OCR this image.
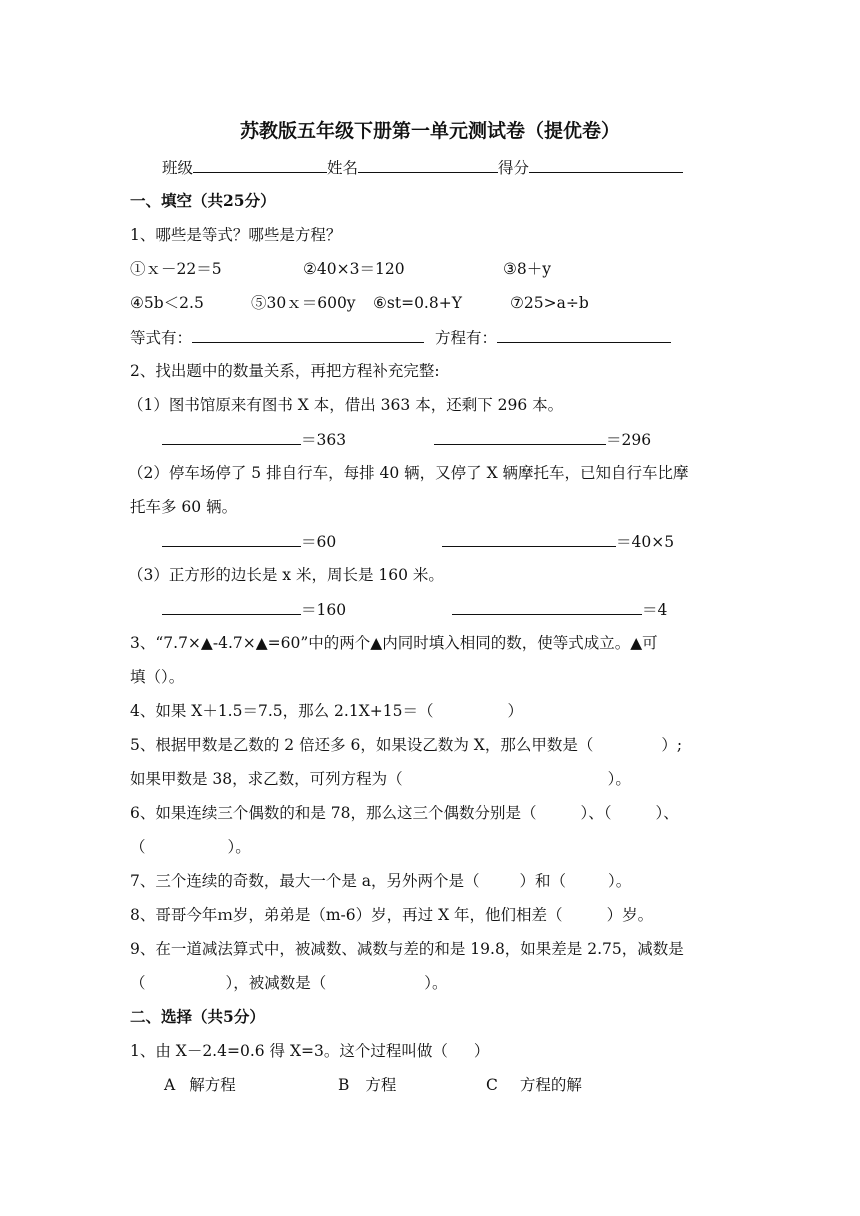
苏教版五年级下册第一单元测试卷（提优卷）
班级	姓名	得分
一、填空（共25分）
1、哪些是等式？哪些是方程？
①ｘ－22＝5	②40×3＝120	③8＋y
④5b＜2.5	⑤30ｘ＝600y ⑥st=0.8+Y	⑦25>a÷b
等式有：	方程有：
2、找出题中的数量关系，再把方程补充完整:
（1）图书馆原来有图书 X 本，借出 363 本，还剩下 296 本。
＝363	＝296
（2）停车场停了 5 排自行车，每排 40 辆，又停了 X 辆摩托车，已知自行车比摩
托车多 60 辆。
＝60	＝40×5
（3）正方形的边长是 x 米，周长是 160 米。
＝160	＝4
3、“7.7×▲-4.7×▲=60”中的两个▲内同时填入相同的数，使等式成立。▲可
填（）。
4、如果 X＋1.5＝7.5，那么 2.1X+15＝（	）
5、根据甲数是乙数的 2 倍还多 6，如果设乙数为 X，那么甲数是（	）;
如果甲数是 38，求乙数，可列方程为（	）。
6、如果连续三个偶数的和是 78，那么这三个偶数分别是（	）、（	）、
（	）。
7、三个连续的奇数，最大一个是 a，另外两个是（	）和（	）。
8、哥哥今年ｍ岁，弟弟是（m-6）岁，再过 X 年，他们相差（	）岁。
9、在一道减法算式中，被减数、减数与差的和是 19.8，如果差是 2.75，减数是
（	），被减数是（	）。
二、选择（共5分）
1、由 X－2.4=0.6 得 X=3。这个过程叫做（ ）
A 解方程	B 方程	C 方程的解
